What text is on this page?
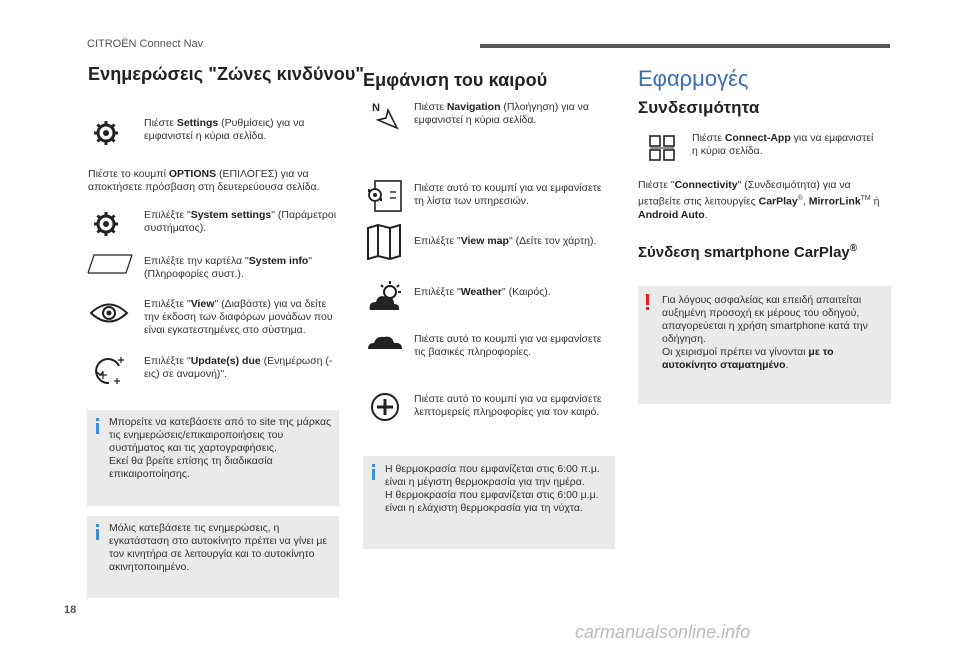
CITROËN Connect Nav
Ενημερώσεις "Ζώνες κινδύνου"
Πιέστε Settings (Ρυθμίσεις) για να εμφανιστεί η κύρια σελίδα.
Πιέστε το κουμπί OPTIONS (ΕΠΙΛΟΓΕΣ) για να αποκτήσετε πρόσβαση στη δευτερεύουσα σελίδα.
Επιλέξτε "System settings" (Παράμετροι συστήματος).
Επιλέξτε την καρτέλα "System info" (Πληροφορίες συστ.).
Επιλέξτε "View" (Διαβάστε) για να δείτε την έκδοση των διαφόρων μονάδων που είναι εγκατεστημένες στο σύστημα.
Επιλέξτε "Update(s) due (Ενημέρωση (-εις) σε αναμονή)".
Μπορείτε να κατεβάσετε από το site της μάρκας τις ενημερώσεις/επικαιροποιήσεις του συστήματος και τις χαρτογραφήσεις.
Εκεί θα βρείτε επίσης τη διαδικασία επικαιροποίησης.
Μόλις κατεβάσετε τις ενημερώσεις, η εγκατάσταση στο αυτοκίνητο πρέπει να γίνει με τον κινητήρα σε λειτουργία και το αυτοκίνητο ακινητοποιημένο.
Εμφάνιση του καιρού
N	Πιέστε Navigation (Πλοήγηση) για να εμφανιστεί η κύρια σελίδα.
Πιέστε αυτό το κουμπί για να εμφανίσετε τη λίστα των υπηρεσιών.
Επιλέξτε "View map" (Δείτε τον χάρτη).
Επιλέξτε "Weather" (Καιρός).
Πιέστε αυτό το κουμπί για να εμφανίσετε τις βασικές πληροφορίες.
Πιέστε αυτό το κουμπί για να εμφανίσετε λεπτομερείς πληροφορίες για τον καιρό.
Η θερμοκρασία που εμφανίζεται στις 6:00 π.μ. είναι η μέγιστη θερμοκρασία για την ημέρα.
Η θερμοκρασία που εμφανίζεται στις 6:00 μ.μ. είναι η ελάχιστη θερμοκρασία για τη νύχτα.
Εφαρμογές
Συνδεσιμότητα
Πιέστε Connect-App για να εμφανιστεί η κύρια σελίδα.
Πιέστε "Connectivity" (Συνδεσιμότητα) για να μεταβείτε στις λειτουργίες CarPlay®, MirrorLink™ ή Android Auto.
Σύνδεση smartphone CarPlay®
Για λόγους ασφαλείας και επειδή απαιτείται αυξημένη προσοχή εκ μέρους του οδηγού, απαγορεύεται η χρήση smartphone κατά την οδήγηση.
Οι χειρισμοί πρέπει να γίνονται με το αυτοκίνητο σταματημένο.
18
carmanualsonline.info
